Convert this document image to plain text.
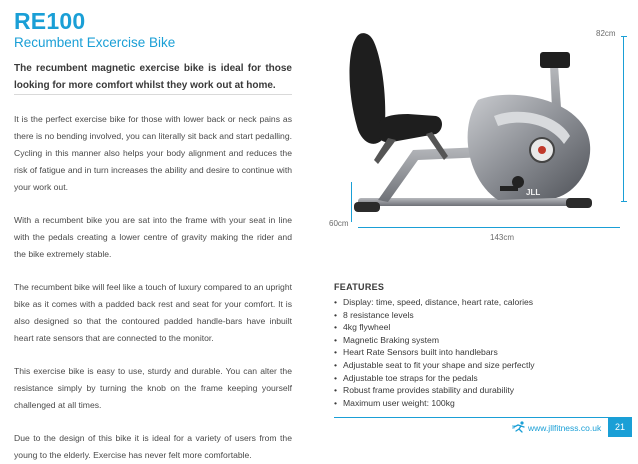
RE100
Recumbent Excercise Bike
The recumbent magnetic exercise bike is ideal for those looking for more comfort whilst they work out at home.
It is the perfect exercise bike for those with lower back or neck pains as there is no bending involved, you can literally sit back and start pedalling. Cycling in this manner also helps your body alignment and reduces the risk of fatigue and in turn increases the ability and desire to continue with your work out.
With a recumbent bike you are sat into the frame with your seat in line with the pedals creating a lower centre of gravity making the rider and the bike extremely stable.
The recumbent bike will feel like a touch of luxury compared to an upright bike as it comes with a padded back rest and seat for your comfort. It is also designed so that the contoured padded handle-bars have inbuilt heart rate sensors that are connected to the monitor.
This exercise bike is easy to use, sturdy and durable. You can alter the resistance simply by turning the knob on the frame keeping yourself challenged at all times.
Due to the design of this bike it is ideal for a variety of users from the young to the elderly. Exercise has never felt more comfortable.
JLL
82cm
60cm
143cm
FEATURES
• Display: time, speed, distance, heart rate, calories
• 8 resistance levels
• 4kg flywheel
• Magnetic Braking system
• Heart Rate Sensors built into handlebars
• Adjustable seat to fit your shape and size perfectly
• Adjustable toe straps for the pedals
• Robust frame provides stability and durability
• Maximum user weight: 100kg
www.jllfitness.co.uk	21
